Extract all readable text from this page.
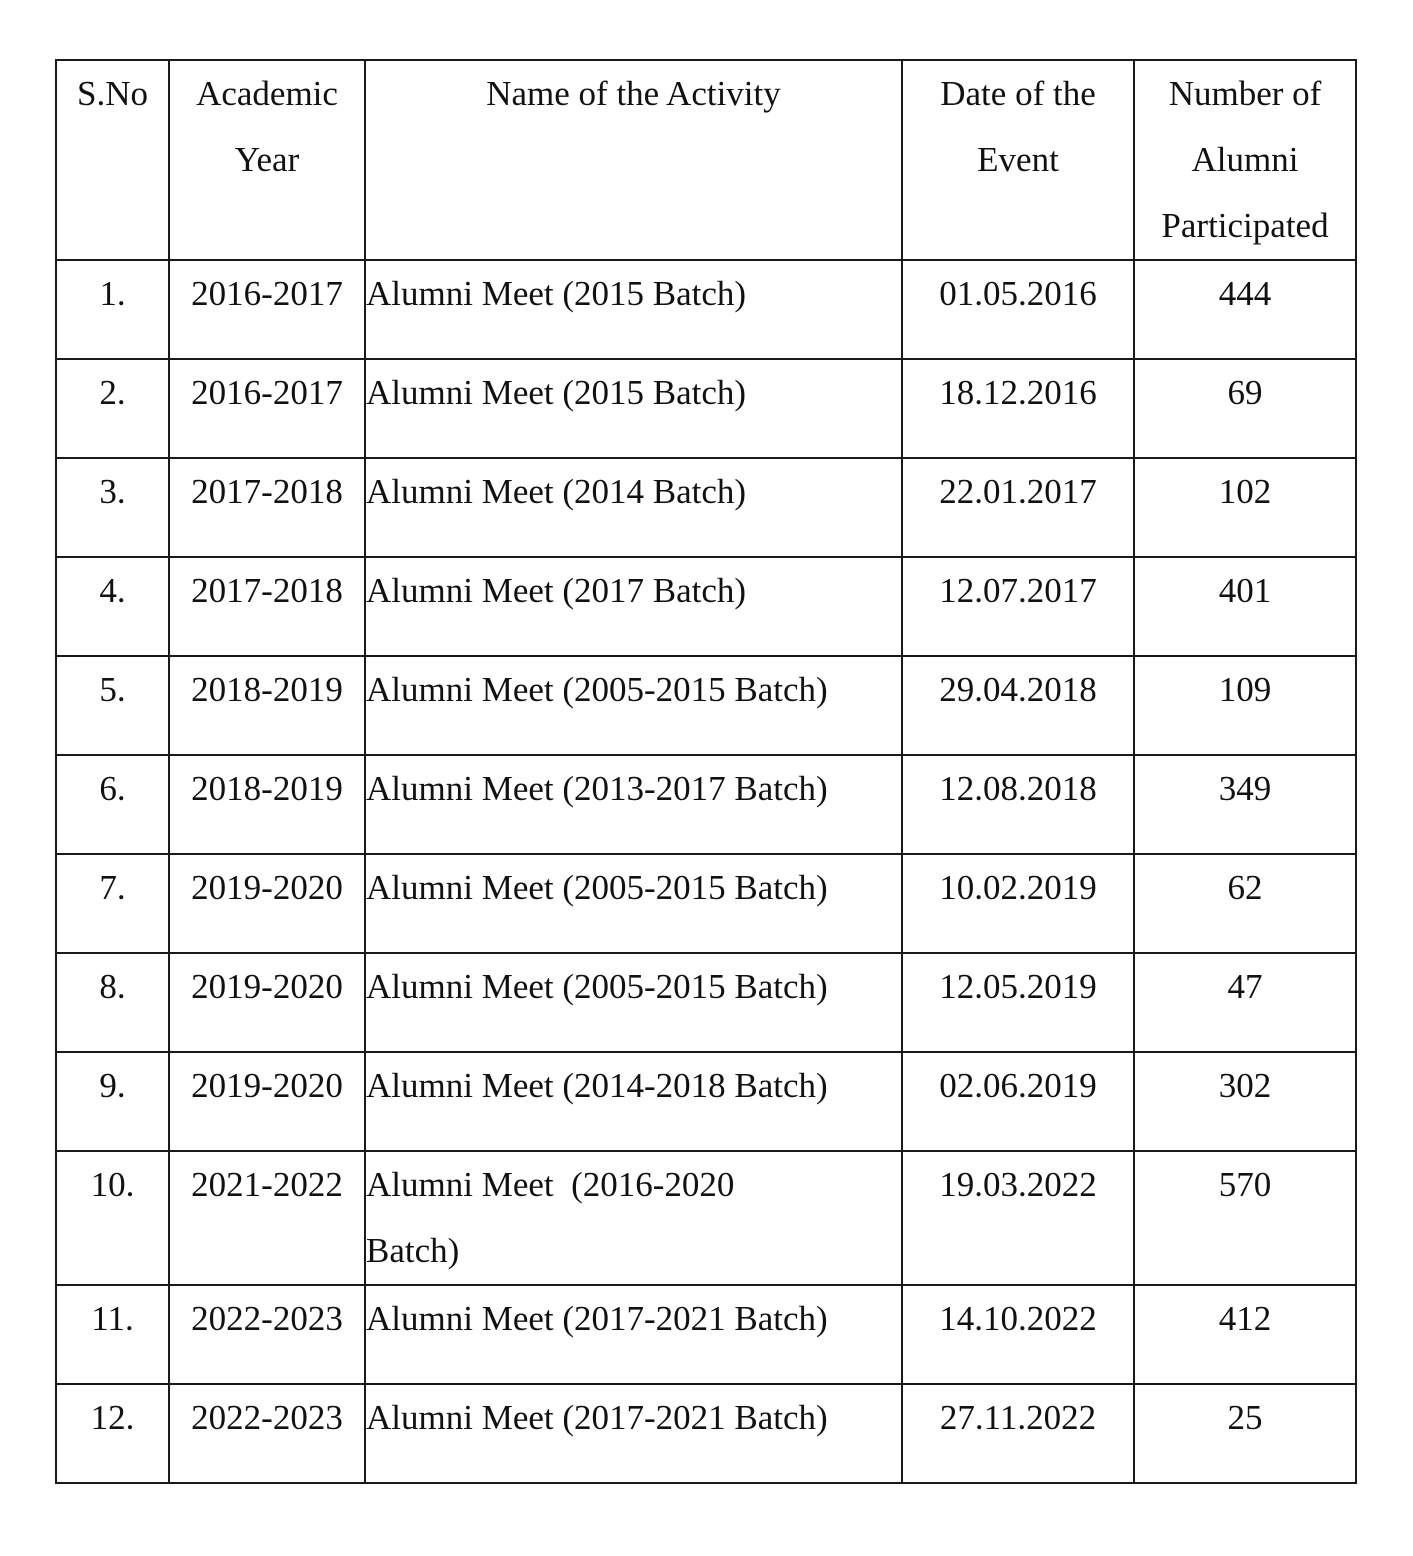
S.No	Academic Year	Name of the Activity	Date of the Event	Number of Alumni Participated

1.	2016-2017	Alumni Meet (2015 Batch)	01.05.2016	444
2.	2016-2017	Alumni Meet (2015 Batch)	18.12.2016	69
3.	2017-2018	Alumni Meet (2014 Batch)	22.01.2017	102
4.	2017-2018	Alumni Meet (2017 Batch)	12.07.2017	401
5.	2018-2019	Alumni Meet (2005-2015 Batch)	29.04.2018	109
6.	2018-2019	Alumni Meet (2013-2017 Batch)	12.08.2018	349
7.	2019-2020	Alumni Meet (2005-2015 Batch)	10.02.2019	62
8.	2019-2020	Alumni Meet (2005-2015 Batch)	12.05.2019	47
9.	2019-2020	Alumni Meet (2014-2018 Batch)	02.06.2019	302
10.	2021-2022	Alumni Meet  (2016-2020 Batch)	19.03.2022	570
11.	2022-2023	Alumni Meet (2017-2021 Batch)	14.10.2022	412
12.	2022-2023	Alumni Meet (2017-2021 Batch)	27.11.2022	25
